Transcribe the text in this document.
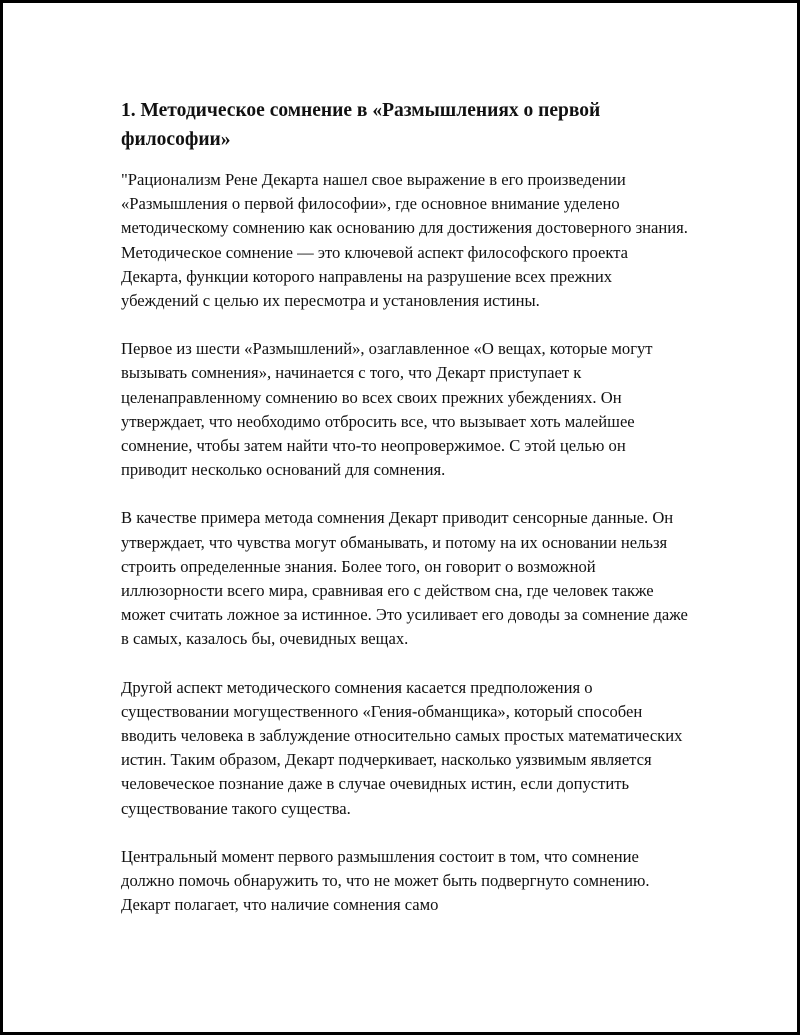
1. Методическое сомнение в «Размышлениях о первой философии»

"Рационализм Рене Декарта нашел свое выражение в его произведении «Размышления о первой философии», где основное внимание уделено методическому сомнению как основанию для достижения достоверного знания. Методическое сомнение — это ключевой аспект философского проекта Декарта, функции которого направлены на разрушение всех прежних убеждений с целью их пересмотра и установления истины.

Первое из шести «Размышлений», озаглавленное «О вещах, которые могут вызывать сомнения», начинается с того, что Декарт приступает к целенаправленному сомнению во всех своих прежних убеждениях. Он утверждает, что необходимо отбросить все, что вызывает хоть малейшее сомнение, чтобы затем найти что-то неопровержимое. С этой целью он приводит несколько оснований для сомнения.

В качестве примера метода сомнения Декарт приводит сенсорные данные. Он утверждает, что чувства могут обманывать, и потому на их основании нельзя строить определенные знания. Более того, он говорит о возможной иллюзорности всего мира, сравнивая его с действом сна, где человек также может считать ложное за истинное. Это усиливает его доводы за сомнение даже в самых, казалось бы, очевидных вещах.

Другой аспект методического сомнения касается предположения о существовании могущественного «Гения-обманщика», который способен вводить человека в заблуждение относительно самых простых математических истин. Таким образом, Декарт подчеркивает, насколько уязвимым является человеческое познание даже в случае очевидных истин, если допустить существование такого существа.

Центральный момент первого размышления состоит в том, что сомнение должно помочь обнаружить то, что не может быть подвергнуто сомнению. Декарт полагает, что наличие сомнения само
